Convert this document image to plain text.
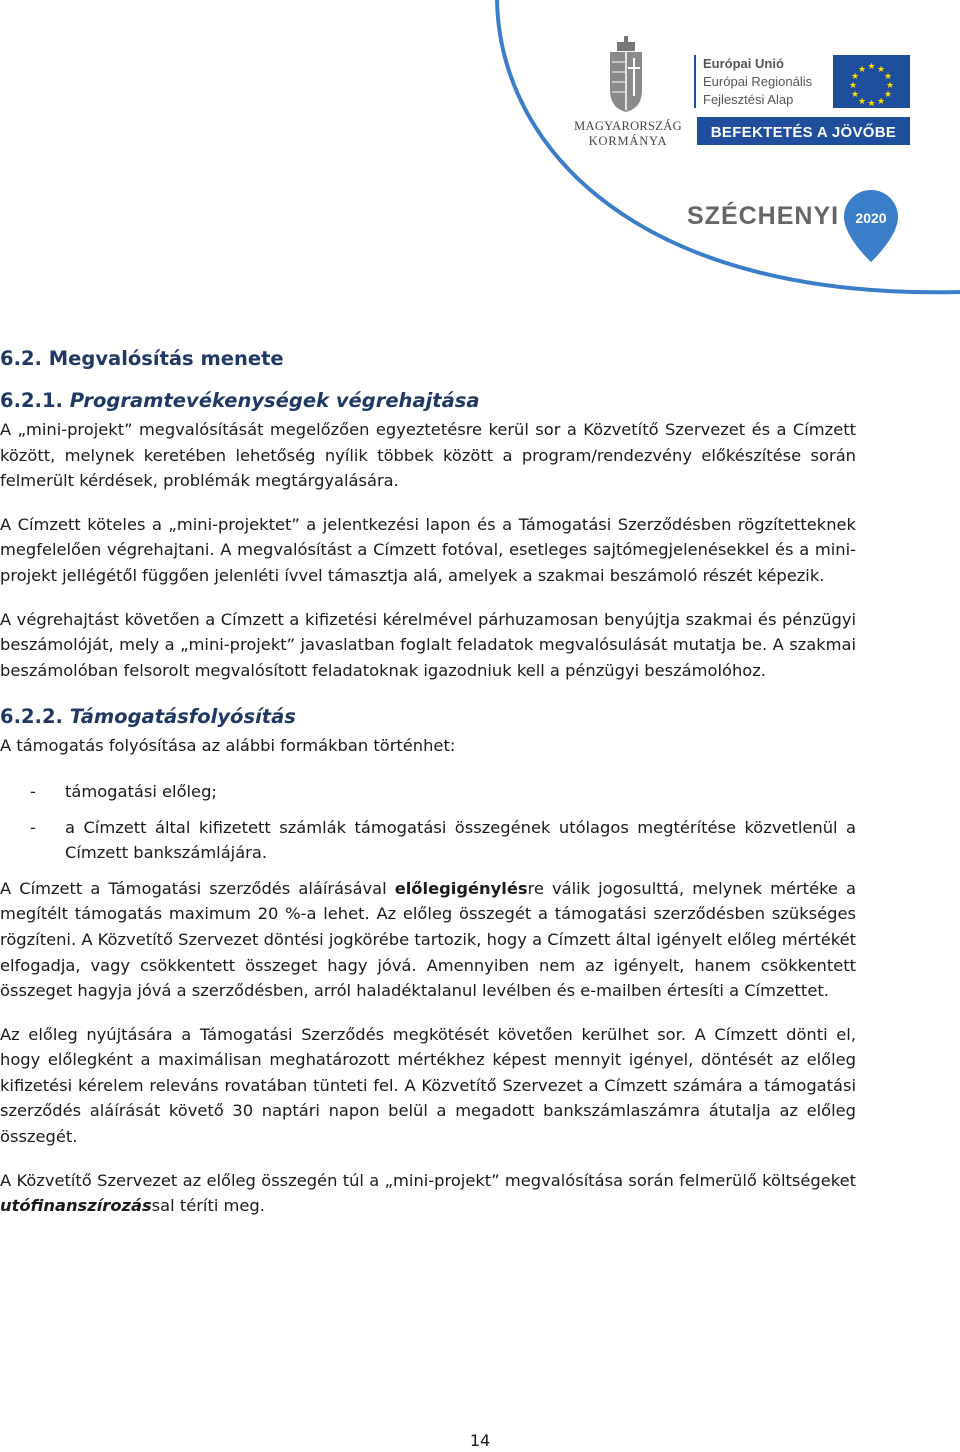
MAGYARORSZÁG
KORMÁNYA
Európai Unió
Európai Regionális
Fejlesztési Alap
★ ★
★
★
★
★
★
★
★
★
★
★
BEFEKTETÉS A JÖVŐBE
SZÉCHENYI 2020
6.2. Megvalósítás menete
6.2.1. Programtevékenységek végrehajtása

A „mini-projekt” megvalósítását megelőzően egyeztetésre kerül sor a Közvetítő Szervezet és a Címzett között, melynek keretében lehetőség nyílik többek között a program/rendezvény előkészítése során felmerült kérdések, problémák megtárgyalására.

A Címzett köteles a „mini-projektet” a jelentkezési lapon és a Támogatási Szerződésben rögzítetteknek megfelelően végrehajtani. A megvalósítást a Címzett fotóval, esetleges sajtómegjelenésekkel és a mini-projekt jellégétől függően jelenléti ívvel támasztja alá, amelyek a szakmai beszámoló részét képezik.

A végrehajtást követően a Címzett a kifizetési kérelmével párhuzamosan benyújtja szakmai és pénzügyi beszámolóját, mely a „mini-projekt” javaslatban foglalt feladatok megvalósulását mutatja be. A szakmai beszámolóban felsorolt megvalósított feladatoknak igazodniuk kell a pénzügyi beszámolóhoz.

6.2.2. Támogatásfolyósítás

A támogatás folyósítása az alábbi formákban történhet:

- támogatási előleg;
- a Címzett által kifizetett számlák támogatási összegének utólagos megtérítése közvetlenül a Címzett bankszámlájára.

A Címzett a Támogatási szerződés aláírásával előlegigénylésre válik jogosulttá, melynek mértéke a megítélt támogatás maximum 20 %-a lehet. Az előleg összegét a támogatási szerződésben szükséges rögzíteni. A Közvetítő Szervezet döntési jogkörébe tartozik, hogy a Címzett által igényelt előleg mértékét elfogadja, vagy csökkentett összeget hagy jóvá. Amennyiben nem az igényelt, hanem csökkentett összeget hagyja jóvá a szerződésben, arról haladéktalanul levélben és e-mailben értesíti a Címzettet.

Az előleg nyújtására a Támogatási Szerződés megkötését követően kerülhet sor. A Címzett dönti el, hogy előlegként a maximálisan meghatározott mértékhez képest mennyit igényel, döntését az előleg kifizetési kérelem releváns rovatában tünteti fel. A Közvetítő Szervezet a Címzett számára a támogatási szerződés aláírását követő 30 naptári napon belül a megadott bankszámlaszámra átutalja az előleg összegét.

A Közvetítő Szervezet az előleg összegén túl a „mini-projekt” megvalósítása során felmerülő költségeket utófinanszírozással téríti meg.

14
